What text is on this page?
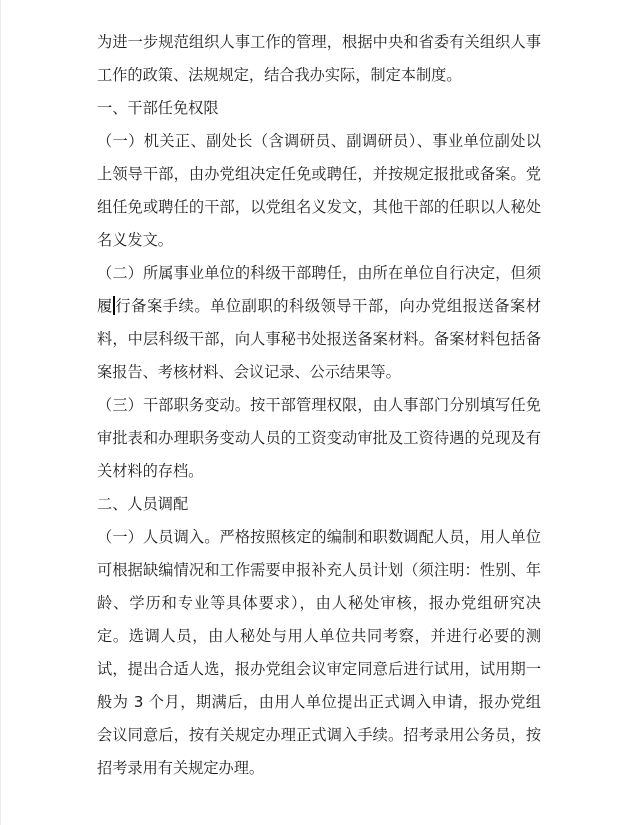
为进一步规范组织人事工作的管理，根据中央和省委有关组织人事工作的政策、法规规定，结合我办实际，制定本制度。

一、干部任免权限

（一）机关正、副处长（含调研员、副调研员）、事业单位副处以上领导干部，由办党组决定任免或聘任，并按规定报批或备案。党组任免或聘任的干部，以党组名义发文，其他干部的任职以人秘处名义发文。

（二）所属事业单位的科级干部聘任，由所在单位自行决定，但须履 行备案手续。单位副职的科级领导干部，向办党组报送备案材料，中层科级干部，向人事秘书处报送备案材料。备案材料包括备案报告、考核材料、会议记录、公示结果等。

（三）干部职务变动。按干部管理权限，由人事部门分别填写任免审批表和办理职务变动人员的工资变动审批及工资待遇的兑现及有关材料的存档。

二、人员调配

（一）人员调入。严格按照核定的编制和职数调配人员，用人单位可根据缺编情况和工作需要申报补充人员计划（须注明：性别、年龄、学历和专业等具体要求），由人秘处审核，报办党组研究决定。选调人员，由人秘处与用人单位共同考察，并进行必要的测试，提出合适人选，报办党组会议审定同意后进行试用，试用期一般为 3 个月，期满后，由用人单位提出正式调入申请，报办党组会议同意后，按有关规定办理正式调入手续。招考录用公务员，按招考录用有关规定办理。
